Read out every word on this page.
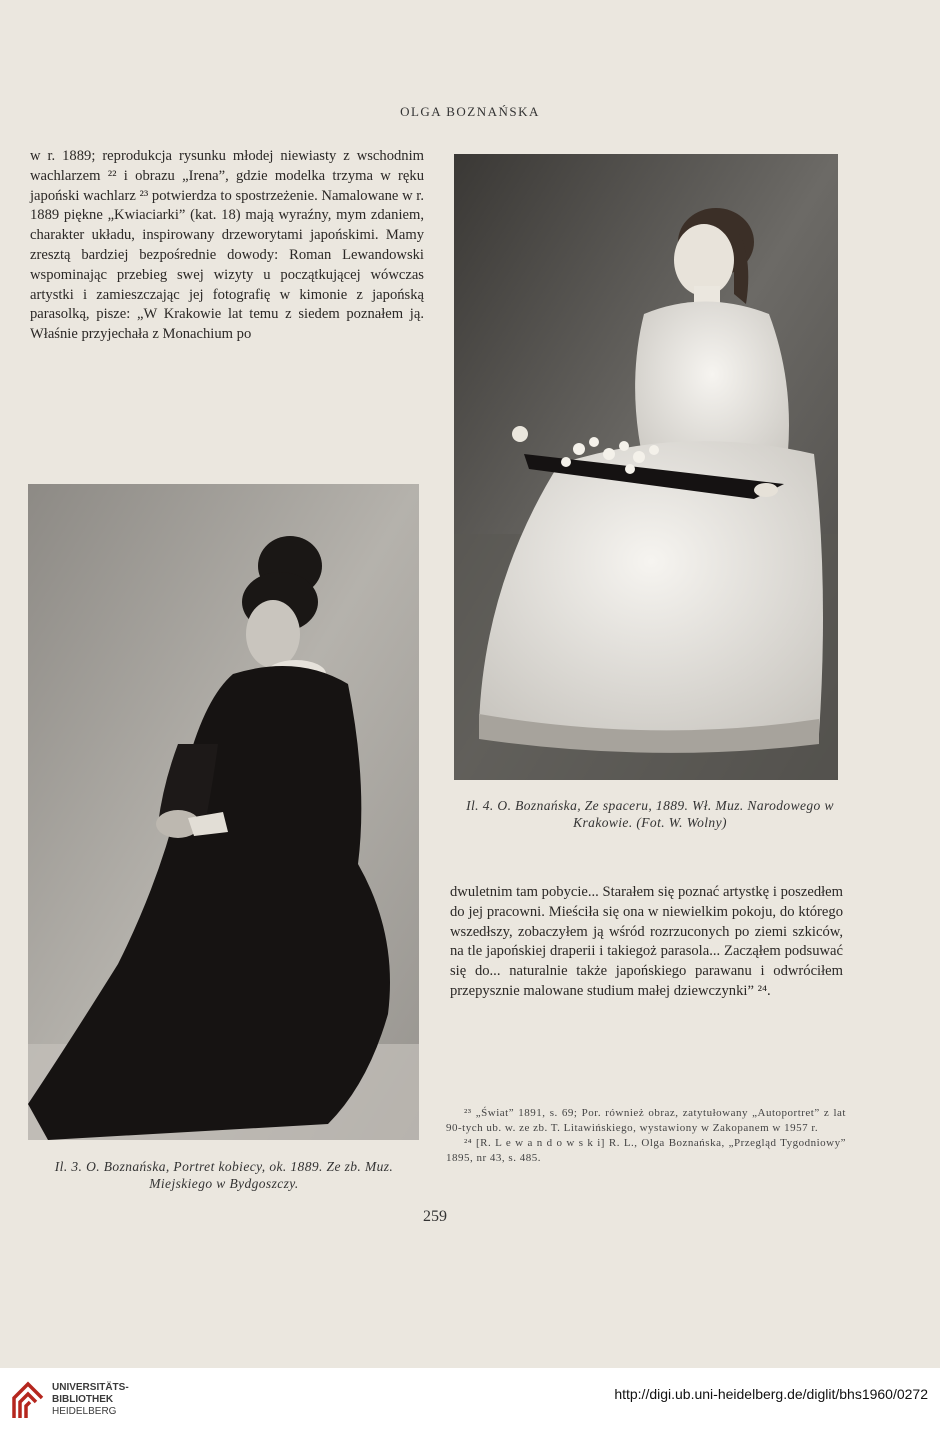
OLGA BOZNAŃSKA

w r. 1889; reprodukcja rysunku młodej niewiasty z wschodnim wachlarzem ²² i obrazu „Irena”, gdzie modelka trzyma w ręku japoński wachlarz ²³ potwierdza to spostrzeżenie. Namalowane w r. 1889 piękne „Kwiaciarki” (kat. 18) mają wyraźny, mym zdaniem, charakter układu, inspirowany drzeworytami japońskimi. Mamy zresztą bardziej bezpośrednie dowody: Roman Lewandowski wspominając przebieg swej wizyty u początkującej wówczas artystki i zamieszczając jej fotografię w kimonie z japońską parasolką, pisze: „W Krakowie lat temu z siedem poznałem ją. Właśnie przyjechała z Monachium po

Il. 4. O. Boznańska, Ze spaceru, 1889. Wł. Muz. Narodowego w Krakowie. (Fot. W. Wolny)
Il. 3. O. Boznańska, Portret kobiecy, ok. 1889. Ze zb. Muz. Miejskiego w Bydgoszczy.

dwuletnim tam pobycie... Starałem się poznać artystkę i poszedłem do jej pracowni. Mieściła się ona w niewielkim pokoju, do którego wszedłszy, zobaczyłem ją wśród rozrzuconych po ziemi szkiców, na tle japońskiej draperii i takiegoż parasola... Zacząłem podsuwać się do... naturalnie także japońskiego parawanu i odwróciłem przepysznie malowane studium małej dziewczynki” ²⁴.

²³ „Świat” 1891, s. 69; Por. również obraz, zatytułowany „Autoportret” z lat 90-tych ub. w. ze zb. T. Litawińskiego, wystawiony w Zakopanem w 1957 r.

²⁴ [R. L e w a n d o w s k i] R. L., Olga Boznańska, „Przegląd Tygodniowy” 1895, nr 43, s. 485.

259
UNIVERSITÄTS-
BIBLIOTHEK
HEIDELBERG
http://digi.ub.uni-heidelberg.de/diglit/bhs1960/0272
